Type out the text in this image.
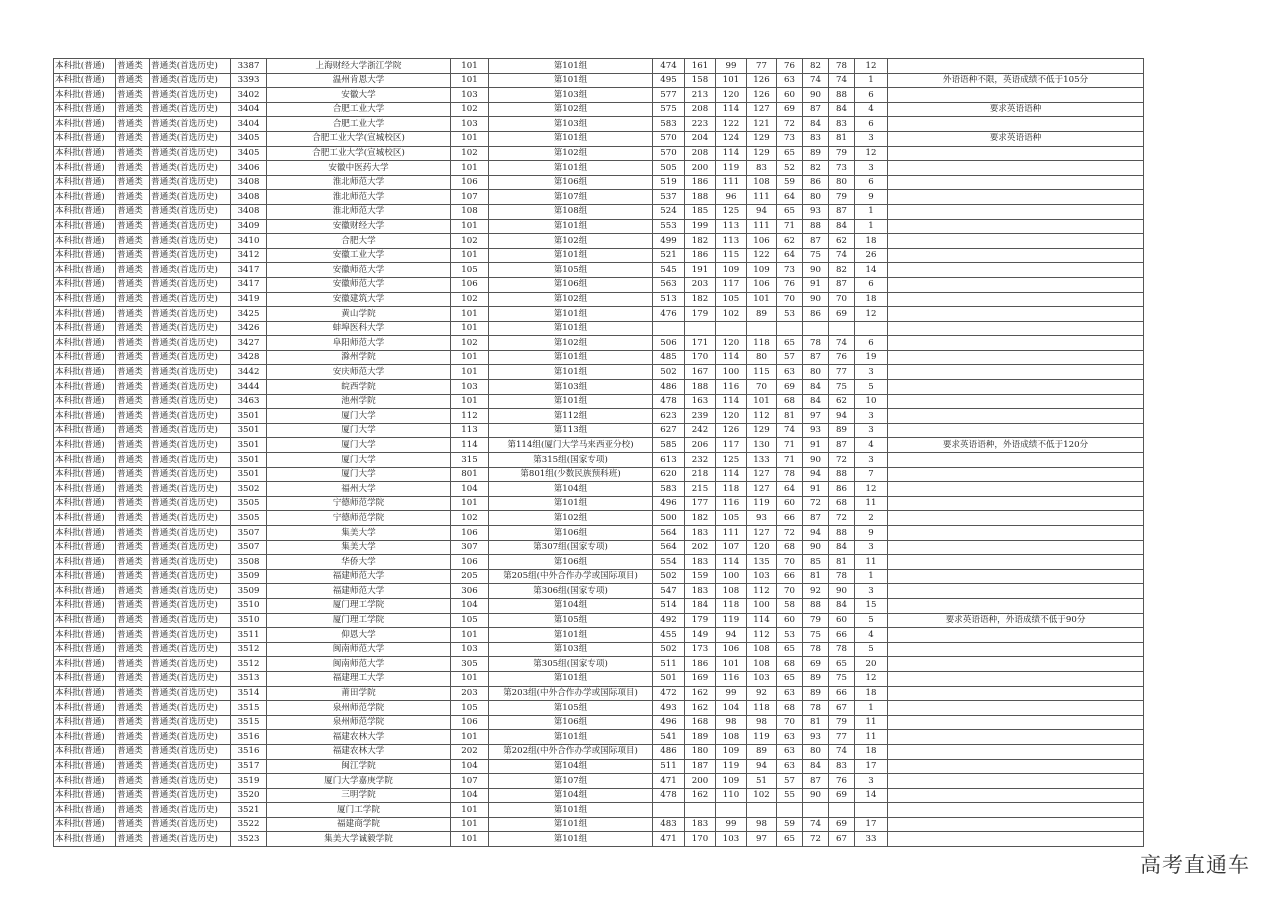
本科批(普通)	普通类	普通类(首选历史)	3387	上海财经大学浙江学院	101	第101组	474	161	99	77	76	82	78	12	
本科批(普通)	普通类	普通类(首选历史)	3393	温州肯恩大学	101	第101组	495	158	101	126	63	74	74	1	外语语种不限，英语成绩不低于105分
本科批(普通)	普通类	普通类(首选历史)	3402	安徽大学	103	第103组	577	213	120	126	60	90	88	6	
本科批(普通)	普通类	普通类(首选历史)	3404	合肥工业大学	102	第102组	575	208	114	127	69	87	84	4	要求英语语种
本科批(普通)	普通类	普通类(首选历史)	3404	合肥工业大学	103	第103组	583	223	122	121	72	84	83	6	
本科批(普通)	普通类	普通类(首选历史)	3405	合肥工业大学(宣城校区)	101	第101组	570	204	124	129	73	83	81	3	要求英语语种
本科批(普通)	普通类	普通类(首选历史)	3405	合肥工业大学(宣城校区)	102	第102组	570	208	114	129	65	89	79	12	
本科批(普通)	普通类	普通类(首选历史)	3406	安徽中医药大学	101	第101组	505	200	119	83	52	82	73	3	
本科批(普通)	普通类	普通类(首选历史)	3408	淮北师范大学	106	第106组	519	186	111	108	59	86	80	6	
本科批(普通)	普通类	普通类(首选历史)	3408	淮北师范大学	107	第107组	537	188	96	111	64	80	79	9	
本科批(普通)	普通类	普通类(首选历史)	3408	淮北师范大学	108	第108组	524	185	125	94	65	93	87	1	
本科批(普通)	普通类	普通类(首选历史)	3409	安徽财经大学	101	第101组	553	199	113	111	71	88	84	1	
本科批(普通)	普通类	普通类(首选历史)	3410	合肥大学	102	第102组	499	182	113	106	62	87	62	18	
本科批(普通)	普通类	普通类(首选历史)	3412	安徽工业大学	101	第101组	521	186	115	122	64	75	74	26	
本科批(普通)	普通类	普通类(首选历史)	3417	安徽师范大学	105	第105组	545	191	109	109	73	90	82	14	
本科批(普通)	普通类	普通类(首选历史)	3417	安徽师范大学	106	第106组	563	203	117	106	76	91	87	6	
本科批(普通)	普通类	普通类(首选历史)	3419	安徽建筑大学	102	第102组	513	182	105	101	70	90	70	18	
本科批(普通)	普通类	普通类(首选历史)	3425	黄山学院	101	第101组	476	179	102	89	53	86	69	12	
本科批(普通)	普通类	普通类(首选历史)	3426	蚌埠医科大学	101	第101组									
本科批(普通)	普通类	普通类(首选历史)	3427	阜阳师范大学	102	第102组	506	171	120	118	65	78	74	6	
本科批(普通)	普通类	普通类(首选历史)	3428	滁州学院	101	第101组	485	170	114	80	57	87	76	19	
本科批(普通)	普通类	普通类(首选历史)	3442	安庆师范大学	101	第101组	502	167	100	115	63	80	77	3	
本科批(普通)	普通类	普通类(首选历史)	3444	皖西学院	103	第103组	486	188	116	70	69	84	75	5	
本科批(普通)	普通类	普通类(首选历史)	3463	池州学院	101	第101组	478	163	114	101	68	84	62	10	
本科批(普通)	普通类	普通类(首选历史)	3501	厦门大学	112	第112组	623	239	120	112	81	97	94	3	
本科批(普通)	普通类	普通类(首选历史)	3501	厦门大学	113	第113组	627	242	126	129	74	93	89	3	
本科批(普通)	普通类	普通类(首选历史)	3501	厦门大学	114	第114组(厦门大学马来西亚分校)	585	206	117	130	71	91	87	4	要求英语语种，外语成绩不低于120分
本科批(普通)	普通类	普通类(首选历史)	3501	厦门大学	315	第315组(国家专项)	613	232	125	133	71	90	72	3	
本科批(普通)	普通类	普通类(首选历史)	3501	厦门大学	801	第801组(少数民族预科班)	620	218	114	127	78	94	88	7	
本科批(普通)	普通类	普通类(首选历史)	3502	福州大学	104	第104组	583	215	118	127	64	91	86	12	
本科批(普通)	普通类	普通类(首选历史)	3505	宁德师范学院	101	第101组	496	177	116	119	60	72	68	11	
本科批(普通)	普通类	普通类(首选历史)	3505	宁德师范学院	102	第102组	500	182	105	93	66	87	72	2	
本科批(普通)	普通类	普通类(首选历史)	3507	集美大学	106	第106组	564	183	111	127	72	94	88	9	
本科批(普通)	普通类	普通类(首选历史)	3507	集美大学	307	第307组(国家专项)	564	202	107	120	68	90	84	3	
本科批(普通)	普通类	普通类(首选历史)	3508	华侨大学	106	第106组	554	183	114	135	70	85	81	11	
本科批(普通)	普通类	普通类(首选历史)	3509	福建师范大学	205	第205组(中外合作办学或国际项目)	502	159	100	103	66	81	78	1	
本科批(普通)	普通类	普通类(首选历史)	3509	福建师范大学	306	第306组(国家专项)	547	183	108	112	70	92	90	3	
本科批(普通)	普通类	普通类(首选历史)	3510	厦门理工学院	104	第104组	514	184	118	100	58	88	84	15	
本科批(普通)	普通类	普通类(首选历史)	3510	厦门理工学院	105	第105组	492	179	119	114	60	79	60	5	要求英语语种，外语成绩不低于90分
本科批(普通)	普通类	普通类(首选历史)	3511	仰恩大学	101	第101组	455	149	94	112	53	75	66	4	
本科批(普通)	普通类	普通类(首选历史)	3512	闽南师范大学	103	第103组	502	173	106	108	65	78	78	5	
本科批(普通)	普通类	普通类(首选历史)	3512	闽南师范大学	305	第305组(国家专项)	511	186	101	108	68	69	65	20	
本科批(普通)	普通类	普通类(首选历史)	3513	福建理工大学	101	第101组	501	169	116	103	65	89	75	12	
本科批(普通)	普通类	普通类(首选历史)	3514	莆田学院	203	第203组(中外合作办学或国际项目)	472	162	99	92	63	89	66	18	
本科批(普通)	普通类	普通类(首选历史)	3515	泉州师范学院	105	第105组	493	162	104	118	68	78	67	1	
本科批(普通)	普通类	普通类(首选历史)	3515	泉州师范学院	106	第106组	496	168	98	98	70	81	79	11	
本科批(普通)	普通类	普通类(首选历史)	3516	福建农林大学	101	第101组	541	189	108	119	63	93	77	11	
本科批(普通)	普通类	普通类(首选历史)	3516	福建农林大学	202	第202组(中外合作办学或国际项目)	486	180	109	89	63	80	74	18	
本科批(普通)	普通类	普通类(首选历史)	3517	闽江学院	104	第104组	511	187	119	94	63	84	83	17	
本科批(普通)	普通类	普通类(首选历史)	3519	厦门大学嘉庚学院	107	第107组	471	200	109	51	57	87	76	3	
本科批(普通)	普通类	普通类(首选历史)	3520	三明学院	104	第104组	478	162	110	102	55	90	69	14	
本科批(普通)	普通类	普通类(首选历史)	3521	厦门工学院	101	第101组									
本科批(普通)	普通类	普通类(首选历史)	3522	福建商学院	101	第101组	483	183	99	98	59	74	69	17	
本科批(普通)	普通类	普通类(首选历史)	3523	集美大学诚毅学院	101	第101组	471	170	103	97	65	72	67	33	
高考直通车
